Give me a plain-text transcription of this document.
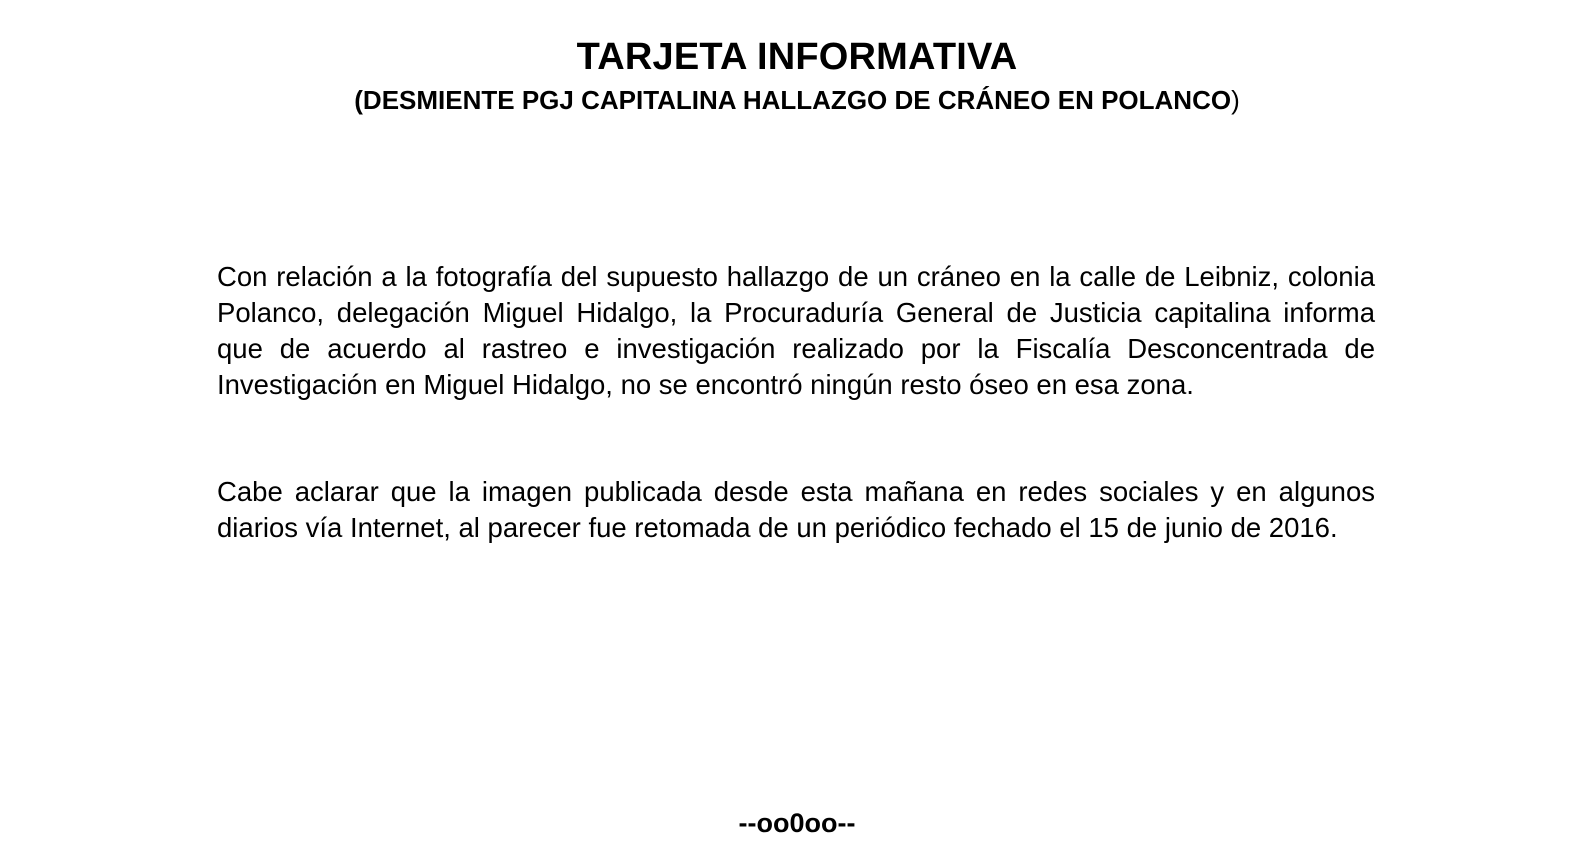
TARJETA INFORMATIVA
(DESMIENTE PGJ CAPITALINA HALLAZGO DE CRÁNEO EN POLANCO)

Con relación a la fotografía del supuesto hallazgo de un cráneo en la calle de Leibniz, colonia Polanco, delegación Miguel Hidalgo, la Procuraduría General de Justicia capitalina informa que de acuerdo al rastreo e investigación realizado por la Fiscalía Desconcentrada de Investigación en Miguel Hidalgo, no se encontró ningún resto óseo en esa zona.

Cabe aclarar que la imagen publicada desde esta mañana en redes sociales y en algunos diarios vía Internet, al parecer fue retomada de un periódico fechado el 15 de junio de 2016.

--oo0oo--
